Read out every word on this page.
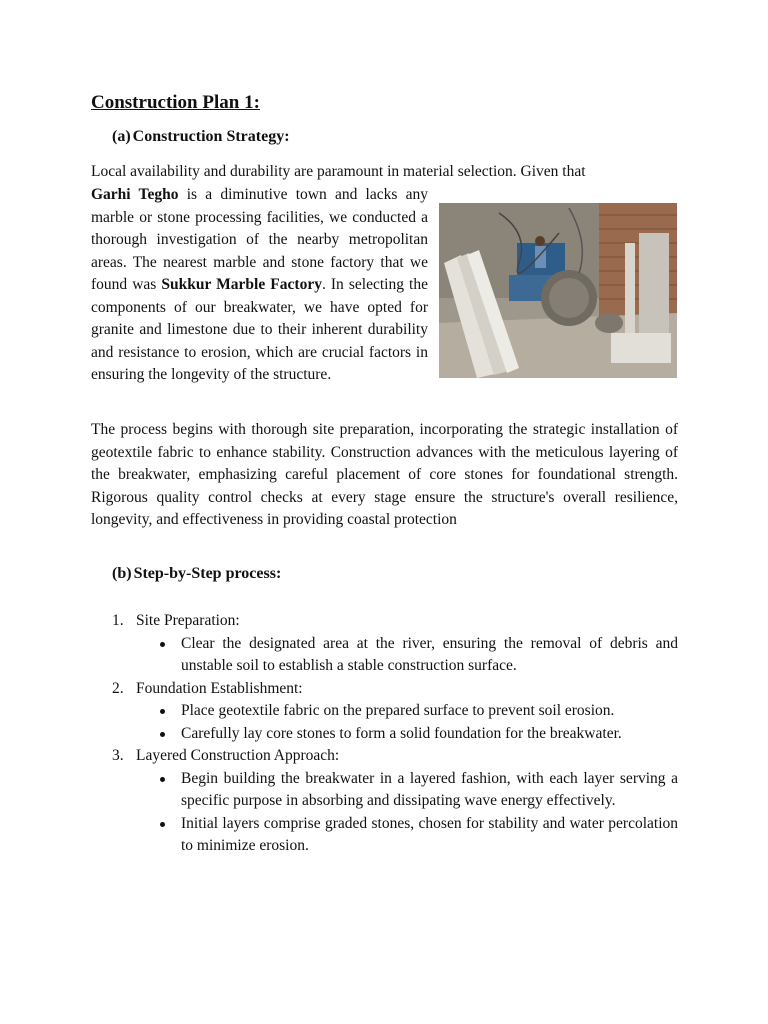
Construction Plan 1:
(a) Construction Strategy:

Local availability and durability are paramount in material selection. Given that

Garhi Tegho is a diminutive town and lacks any marble or stone processing facilities, we conducted a thorough investigation of the nearby metropolitan areas. The nearest marble and stone factory that we found was Sukkur Marble Factory. In selecting the components of our breakwater, we have opted for granite and limestone due to their inherent durability and resistance to erosion, which are crucial factors in ensuring the longevity of the structure.

The process begins with thorough site preparation, incorporating the strategic installation of geotextile fabric to enhance stability. Construction advances with the meticulous layering of the breakwater, emphasizing careful placement of core stones for foundational strength. Rigorous quality control checks at every stage ensure the structure's overall resilience, longevity, and effectiveness in providing coastal protection

(b) Step-by-Step process:
1. Site Preparation:
Clear the designated area at the river, ensuring the removal of debris and unstable soil to establish a stable construction surface.
2. Foundation Establishment:
Place geotextile fabric on the prepared surface to prevent soil erosion.
Carefully lay core stones to form a solid foundation for the breakwater.
3. Layered Construction Approach:
Begin building the breakwater in a layered fashion, with each layer serving a specific purpose in absorbing and dissipating wave energy effectively.
Initial layers comprise graded stones, chosen for stability and water percolation to minimize erosion.
